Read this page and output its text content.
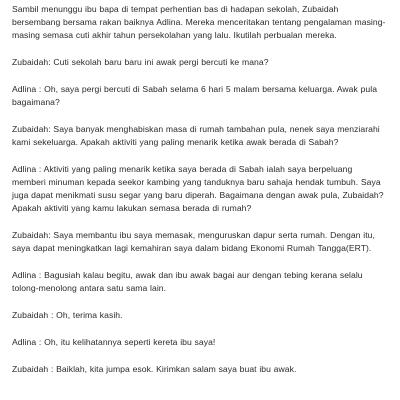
Sambil menunggu ibu bapa di tempat perhentian bas di hadapan sekolah, Zubaidah bersembang bersama rakan baiknya Adlina. Mereka menceritakan tentang pengalaman masing-masing semasa cuti akhir tahun persekolahan yang lalu. Ikutilah perbualan mereka.

Zubaidah: Cuti sekolah baru baru ini awak pergi bercuti ke mana?

Adlina : Oh, saya pergi bercuti di Sabah selama 6 hari 5 malam bersama keluarga. Awak pula bagaimana?

Zubaidah: Saya banyak menghabiskan masa di rumah tambahan pula, nenek saya menziarahi kami sekeluarga. Apakah aktiviti yang paling menarik ketika awak berada di Sabah?

Adlina : Aktiviti yang paling menarik ketika saya berada di Sabah ialah saya berpeluang memberi minuman kepada seekor kambing yang tanduknya baru sahaja hendak tumbuh. Saya juga dapat menikmati susu segar yang baru diperah. Bagaimana dengan awak pula, Zubaidah? Apakah aktiviti yang kamu lakukan semasa berada di rumah?

Zubaidah: Saya membantu ibu saya memasak, menguruskan dapur serta rumah. Dengan itu, saya dapat meningkatkan lagi kemahiran saya dalam bidang Ekonomi Rumah Tangga(ERT).

Adlina : Bagusiah kalau begitu, awak dan ibu awak bagai aur dengan tebing kerana selalu tolong-menolong antara satu sama lain.

Zubaidah : Oh, terima kasih.

Adlina : Oh, itu kelihatannya seperti kereta ibu saya!

Zubaidah : Baiklah, kita jumpa esok. Kirimkan salam saya buat ibu awak.
